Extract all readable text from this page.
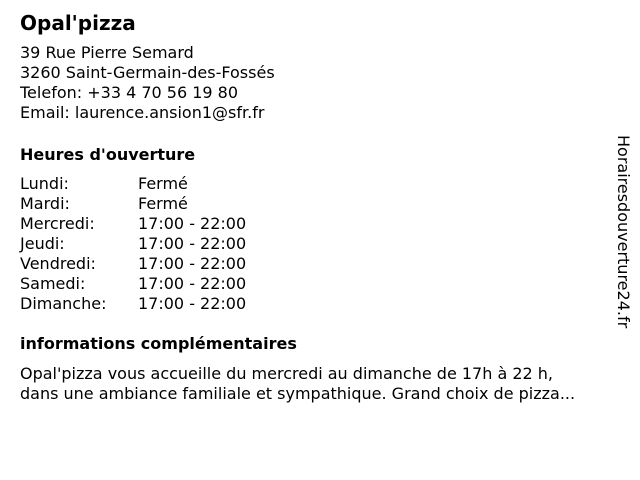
Opal'pizza
39 Rue Pierre Semard
3260 Saint-Germain-des-Fossés
Telefon: +33 4 70 56 19 80
Email: laurence.ansion1@sfr.fr
Heures d'ouverture
Lundi:	Fermé
Mardi:	Fermé
Mercredi:	17:00 - 22:00
Jeudi:	17:00 - 22:00
Vendredi:	17:00 - 22:00
Samedi:	17:00 - 22:00
Dimanche:	17:00 - 22:00
informations complémentaires
Opal'pizza vous accueille du mercredi au dimanche de 17h à 22 h,
dans une ambiance familiale et sympathique. Grand choix de pizza...
Horairesdouverture24.fr
